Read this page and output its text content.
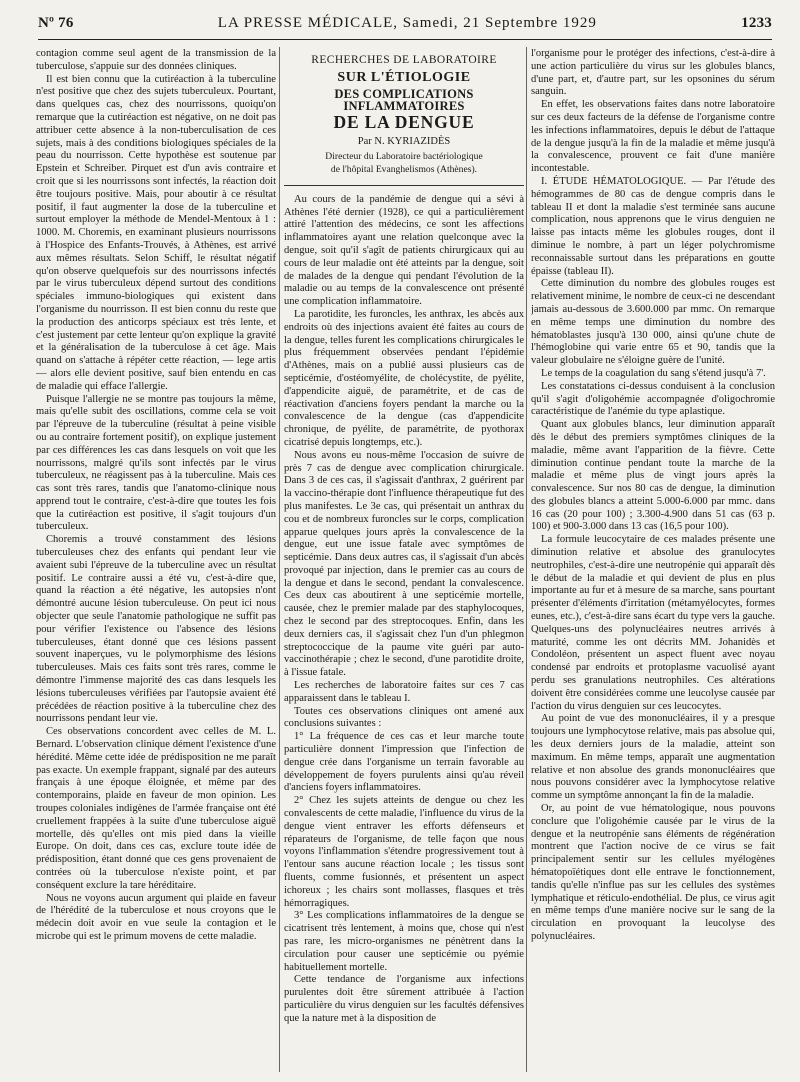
Nº 76	LA PRESSE MÉDICALE, Samedi, 21 Septembre 1929	1233

contagion comme seul agent de la transmission de la tuberculose, s'appuie sur des données cliniques.

Il est bien connu que la cutiréaction à la tuberculine n'est positive que chez des sujets tuberculeux. Pourtant, dans quelques cas, chez des nourrissons, quoiqu'on remarque que la cutiréaction est négative, on ne doit pas attribuer cette absence à la non-tuberculisation de ces sujets, mais à des conditions biologiques spéciales de la peau du nourrisson. Cette hypothèse est soutenue par Epstein et Schreiber. Pirquet est d'un avis contraire et croit que si les nourrissons sont infectés, la réaction doit être toujours positive. Mais, pour aboutir à ce résultat positif, il faut augmenter la dose de la tuberculine et surtout employer la méthode de Mendel-Mentoux à 1 : 1000. M. Choremis, en examinant plusieurs nourrissons à l'Hospice des Enfants-Trouvés, à Athènes, est arrivé aux mêmes résultats. Selon Schiff, le résultat négatif qu'on observe quelquefois sur des nourrissons infectés par le virus tuberculeux dépend surtout des conditions spéciales immuno-biologiques qui existent dans l'organisme du nourrisson. Il est bien connu du reste que la production des anticorps spéciaux est très lente, et c'est justement par cette lenteur qu'on explique la gravité et la généralisation de la tuberculose à cet âge. Mais quand on s'attache à répéter cette réaction, — lege artis — alors elle devient positive, sauf bien entendu en cas de maladie qui efface l'allergie.

Puisque l'allergie ne se montre pas toujours la même, mais qu'elle subit des oscillations, comme cela se voit par l'épreuve de la tuberculine (résultat à peine visible ou au contraire fortement positif), on explique justement par ces différences les cas dans lesquels on voit que les nourrissons, malgré qu'ils sont infectés par le virus tuberculeux, ne réagissent pas à la tuberculine. Mais ces cas sont très rares, tandis que l'anatomo-clinique nous apprend tout le contraire, c'est-à-dire que toutes les fois que la cutiréaction est positive, il s'agit toujours d'un tuberculeux.

Choremis a trouvé constamment des lésions tuberculeuses chez des enfants qui pendant leur vie avaient subi l'épreuve de la tuberculine avec un résultat positif. Le contraire aussi a été vu, c'est-à-dire que, quand la réaction a été négative, les autopsies n'ont démontré aucune lésion tuberculeuse. On peut ici nous objecter que seule l'anatomie pathologique ne suffit pas pour vérifier l'existence ou l'absence des lésions tuberculeuses, étant donné que ces lésions passent souvent inaperçues, vu le polymorphisme des lésions tuberculeuses. Mais ces faits sont très rares, comme le démontre l'immense majorité des cas dans lesquels les lésions tuberculeuses vérifiées par l'autopsie avaient été précédées de réaction positive à la tuberculine chez des nourrissons pendant leur vie.

Ces observations concordent avec celles de M. L. Bernard. L'observation clinique dément l'existence d'une hérédité. Même cette idée de prédisposition ne me paraît pas exacte. Un exemple frappant, signalé par des auteurs français à une époque éloignée, et même par des contemporains, plaide en faveur de mon opinion. Les troupes coloniales indigènes de l'armée française ont été cruellement frappées à la suite d'une tuberculose aiguë mortelle, dès qu'elles ont mis pied dans la vieille Europe. On doit, dans ces cas, exclure toute idée de prédisposition, étant donné que ces gens provenaient de contrées où la tuberculose n'existe point, et par conséquent exclure la tare héréditaire.

Nous ne voyons aucun argument qui plaide en faveur de l'hérédité de la tuberculose et nous croyons que le médecin doit avoir en vue seule la contagion et le microbe qui est le primum movens de cette maladie.

RECHERCHES DE LABORATOIRE
SUR L'ÉTIOLOGIE
DES COMPLICATIONS INFLAMMATOIRES
DE LA DENGUE
Par N. KYRIAZIDÈS
Directeur du Laboratoire bactériologique
de l'hôpital Evanghelismos (Athènes).

Au cours de la pandémie de dengue qui a sévi à Athènes l'été dernier (1928), ce qui a particulièrement attiré l'attention des médecins, ce sont les affections inflammatoires ayant une relation quelconque avec la dengue, soit qu'il s'agît de patients chirurgicaux qui au cours de leur maladie ont été atteints par la dengue, soit de malades de la dengue qui pendant l'évolution de la maladie ou au temps de la convalescence ont présenté une complication inflammatoire.

La parotidite, les furoncles, les anthrax, les abcès aux endroits où des injections avaient été faites au cours de la dengue, telles furent les complications chirurgicales le plus fréquemment observées pendant l'épidémie d'Athènes, mais on a publié aussi plusieurs cas de septicémie, d'ostéomyélite, de cholécystite, de pyélite, d'appendicite aiguë, de paramétrite, et de cas de réactivation d'anciens foyers pendant la marche ou la convalescence de la dengue (cas d'appendicite chronique, de pyélite, de paramétrite, de pyothorax cicatrisé depuis longtemps, etc.).

Nous avons eu nous-même l'occasion de suivre de près 7 cas de dengue avec complication chirurgicale. Dans 3 de ces cas, il s'agissait d'anthrax, 2 guérirent par la vaccino-thérapie dont l'influence thérapeutique fut des plus manifestes. Le 3e cas, qui présentait un anthrax du cou et de nombreux furoncles sur le corps, complication apparue quelques jours après la convalescence de la dengue, eut une issue fatale avec symptômes de septicémie. Dans deux autres cas, il s'agissait d'un abcès provoqué par injection, dans le premier cas au cours de la dengue et dans le second, pendant la convalescence. Ces deux cas aboutirent à une septicémie mortelle, causée, chez le premier malade par des staphylocoques, chez le second par des streptocoques. Enfin, dans les deux derniers cas, il s'agissait chez l'un d'un phlegmon streptococcique de la paume vite guéri par auto-vaccinothérapie ; chez le second, d'une parotidite droite, à l'issue fatale.

Les recherches de laboratoire faites sur ces 7 cas apparaissent dans le tableau I.

Toutes ces observations cliniques ont amené aux conclusions suivantes :

1° La fréquence de ces cas et leur marche toute particulière donnent l'impression que l'infection de dengue crée dans l'organisme un terrain favorable au développement de foyers purulents ainsi qu'au réveil d'anciens foyers inflammatoires.

2° Chez les sujets atteints de dengue ou chez les convalescents de cette maladie, l'influence du virus de la dengue vient entraver les efforts défenseurs et réparateurs de l'organisme, de telle façon que nous voyons l'inflammation s'étendre progressivement tout à l'entour sans aucune réaction locale ; les tissus sont fluents, comme fusionnés, et présentent un aspect ichoreux ; les chairs sont mollasses, flasques et très hémorragiques.

3° Les complications inflammatoires de la dengue se cicatrisent très lentement, à moins que, chose qui n'est pas rare, les micro-organismes ne pénètrent dans la circulation pour causer une septicémie ou pyémie habituellement mortelle.

Cette tendance de l'organisme aux infections purulentes doit être sûrement attribuée à l'action particulière du virus denguien sur les facultés défensives que la nature met à la disposition de

l'organisme pour le protéger des infections, c'est-à-dire à une action particulière du virus sur les globules blancs, d'une part, et, d'autre part, sur les opsonines du sérum sanguin.

En effet, les observations faites dans notre laboratoire sur ces deux facteurs de la défense de l'organisme contre les infections inflammatoires, depuis le début de l'attaque de la dengue jusqu'à la fin de la maladie et même jusqu'à la convalescence, prouvent ce fait d'une manière incontestable.

I. ÉTUDE HÉMATOLOGIQUE. — Par l'étude des hémogrammes de 80 cas de dengue compris dans le tableau II et dont la maladie s'est terminée sans aucune complication, nous apprenons que le virus denguien ne laisse pas intacts même les globules rouges, dont il diminue le nombre, à part un léger polychromisme reconnaissable surtout dans les préparations en goutte épaisse (tableau II).

Cette diminution du nombre des globules rouges est relativement minime, le nombre de ceux-ci ne descendant jamais au-dessous de 3.600.000 par mmc. On remarque en même temps une diminution du nombre des hématoblastes jusqu'à 130 000, ainsi qu'une chute de l'hémoglobine qui varie entre 65 et 90, tandis que la valeur globulaire ne s'éloigne guère de l'unité.

Le temps de la coagulation du sang s'étend jusqu'à 7'.

Les constatations ci-dessus conduisent à la conclusion qu'il s'agit d'oligohémie accompagnée d'oligochromie caractéristique de l'anémie du type aplastique.

Quant aux globules blancs, leur diminution apparaît dès le début des premiers symptômes cliniques de la maladie, même avant l'apparition de la fièvre. Cette diminution continue pendant toute la marche de la maladie et même plus de vingt jours après la convalescence. Sur nos 80 cas de dengue, la diminution des globules blancs a atteint 5.000-6.000 par mmc. dans 16 cas (20 pour 100) ; 3.300-4.900 dans 51 cas (63 p. 100) et 900-3.000 dans 13 cas (16,5 pour 100).

La formule leucocytaire de ces malades présente une diminution relative et absolue des granulocytes neutrophiles, c'est-à-dire une neutropénie qui apparaît dès le début de la maladie et qui devient de plus en plus importante au fur et à mesure de sa marche, sans pourtant présenter d'éléments d'irritation (métamyélocytes, formes eunes, etc.), c'est-à-dire sans écart du type vers la gauche. Quelques-uns des polynucléaires neutres arrivés à maturité, comme les ont décrits MM. Johanidès et Condoléon, présentent un aspect fluent avec noyau condensé par endroits et protoplasme vacuolisé ayant perdu ses granulations neutrophiles. Ces altérations doivent être considérées comme une leucolyse causée par l'action du virus denguien sur ces leucocytes.

Au point de vue des mononucléaires, il y a presque toujours une lymphocytose relative, mais pas absolue qui, les deux derniers jours de la maladie, atteint son maximum. En même temps, apparaît une augmentation relative et non absolue des grands mononucléaires que nous pouvons considérer avec la lymphocytose relative comme un symptôme annonçant la fin de la maladie.

Or, au point de vue hématologique, nous pouvons conclure que l'oligohémie causée par le virus de la dengue et la neutropénie sans éléments de régénération montrent que l'action nocive de ce virus se fait principalement sentir sur les cellules myélogènes hématopoïétiques dont elle entrave le fonctionnement, tandis qu'elle n'influe pas sur les cellules des systèmes lymphatique et réticulo-endothélial. De plus, ce virus agit en même temps d'une manière nocive sur le sang de la circulation en provoquant la leucolyse des polynucléaires.
